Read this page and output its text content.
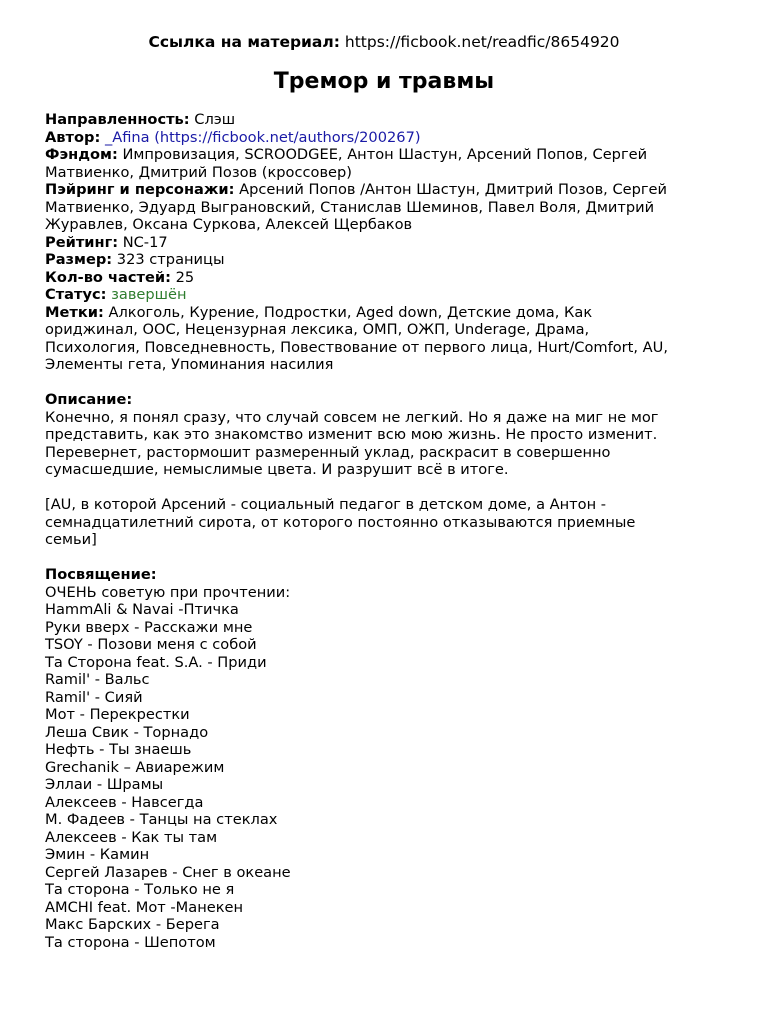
Ссылка на материал: https://ficbook.net/readfic/8654920
Тремор и травмы
Направленность: Слэш
Автор: _Afina (https://ficbook.net/authors/200267)
Фэндом: Импровизация, SCROODGEE, Антон Шастун, Арсений Попов, Сергей
Матвиенко, Дмитрий Позов (кроссовер)
Пэйринг и персонажи: Арсений Попов /Антон Шастун, Дмитрий Позов, Сергей
Матвиенко, Эдуард Выграновский, Станислав Шеминов, Павел Воля, Дмитрий
Журавлев, Оксана Суркова, Алексей Щербаков
Рейтинг: NC-17
Размер: 323 страницы
Кол-во частей: 25
Статус: завершён
Метки: Алкоголь, Курение, Подростки, Aged down, Детские дома, Как
ориджинал, ООС, Нецензурная лексика, ОМП, ОЖП, Underage, Драма,
Психология, Повседневность, Повествование от первого лица, Hurt/Comfort, AU,
Элементы гета, Упоминания насилия
Описание:
Конечно, я понял сразу, что случай совсем не легкий. Но я даже на миг не мог
представить, как это знакомство изменит всю мою жизнь. Не просто изменит.
Перевернет, растормошит размеренный уклад, раскрасит в совершенно
сумасшедшие, немыслимые цвета. И разрушит всё в итоге.
[AU, в которой Арсений - социальный педагог в детском доме, а Антон -
семнадцатилетний сирота, от которого постоянно отказываются приемные
семьи]
Посвящение:
ОЧЕНЬ советую при прочтении:
HammAli & Navai -Птичка
Руки вверх - Расскажи мне
TSOY - Позови меня с собой
Та Сторона feat. S.A. - Приди
Ramil' - Вальс
Ramil' - Сияй
Мот - Перекрестки
Леша Свик - Торнадо
Нефть - Ты знаешь
Grechanik – Авиарежим
Эллаи - Шрамы
Алексеев - Навсегда
М. Фадеев - Танцы на стеклах
Алексеев - Как ты там
Эмин - Камин
Сергей Лазарев - Снег в океане
Та сторона - Только не я
AMCHI feat. Мот -Манекен
Макс Барских - Берега
Та сторона - Шепотом
